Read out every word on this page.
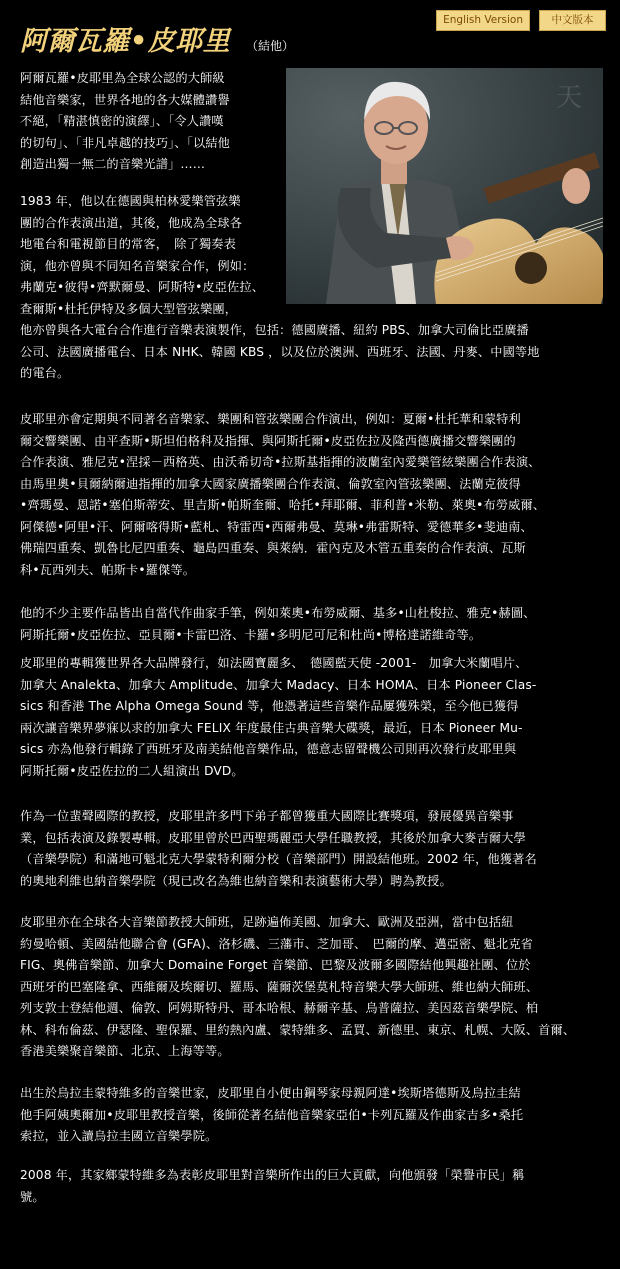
English Version	中文版本
阿爾瓦羅•皮耶里 （結他）
天
阿爾瓦羅•皮耶里為全球公認的大師級
結他音樂家，世界各地的各大媒體讚譽
不絕，「精湛慎密的演繹」、「令人讚嘆
的切句」、「非凡卓越的技巧」、「以結他
創造出獨一無二的音樂光譜」……
1983 年，他以在德國與柏林愛樂管弦樂
團的合作表演出道，其後，他成為全球各
地電台和電視節目的常客，　除了獨奏表
演，他亦曾與不同知名音樂家合作，例如：
弗蘭克•彼得•齊默爾曼、阿斯特•皮亞佐拉、
查爾斯•杜托伊特及多個大型管弦樂團，
他亦曾與各大電台合作進行音樂表演製作，包括：德國廣播、紐約 PBS、加拿大司倫比亞廣播
公司、法國廣播電台、日本 NHK、韓國 KBS ，以及位於澳洲、西班牙、法國、丹麥、中國等地
的電台。
皮耶里亦會定期與不同著名音樂家、樂團和管弦樂團合作演出，例如：夏爾•杜托華和蒙特利
爾交響樂團、由平查斯•斯坦伯格科及指揮、與阿斯托爾•皮亞佐拉及隆西德廣播交響樂團的
合作表演、雅尼克•涅採－西格英、由沃希切奇•拉斯基指揮的波蘭室內愛樂管絃樂團合作表演、
由馬里奧•貝爾納爾迪指揮的加拿大國家廣播樂團合作表演、倫敦室內管弦樂團、法蘭克彼得
•齊瑪曼、恩諾•塞伯斯蒂安、里吉斯•帕斯奎爾、哈托•拜耶爾、菲利普•米勒、萊奧•布勞威爾、
阿傑德•阿里•汗、阿爾喀得斯•藍札、特雷西•西爾弗曼、莫琳•弗雷斯特、愛德華多•斐迪南、
佛瑞四重奏、凱魯比尼四重奏、龜島四重奏、與萊納．霍內克及木管五重奏的合作表演、瓦斯
科•瓦西列夫、帕斯卡•羅傑等。
他的不少主要作品皆出自當代作曲家手筆，例如萊奧•布勞威爾、基多•山杜梭拉、雅克•赫圖、
阿斯托爾•皮亞佐拉、亞貝爾•卡雷巴洛、卡羅•多明尼可尼和杜尚•博格達諾維奇等。
皮耶里的專輯獲世界各大品牌發行，如法國寶麗多、　德國藍天使 -2001-　加拿大米蘭唱片、
加拿大 Analekta、加拿大 Amplitude、加拿大 Madacy、日本 HOMA、日本 Pioneer Clas-
sics 和香港 The Alpha Omega Sound 等，他憑著這些音樂作品屢獲殊榮，至今他已獲得
兩次讓音樂界夢寐以求的加拿大 FELIX 年度最佳古典音樂大碟獎，最近，日本 Pioneer Mu-
sics 亦為他發行輯錄了西班牙及南美結他音樂作品，德意志留聲機公司則再次發行皮耶里與
阿斯托爾•皮亞佐拉的二人組演出 DVD。
作為一位蜚聲國際的教授，皮耶里許多門下弟子都曾獲重大國際比賽獎項，發展優異音樂事
業，包括表演及錄製專輯。皮耶里曾於巴西聖瑪麗亞大學任職教授，其後於加拿大麥吉爾大學
（音樂學院）和滿地可魁北克大學蒙特利爾分校（音樂部門）開設結他班。2002 年，他獲著名
的奧地利維也納音樂學院（現已改名為維也納音樂和表演藝術大學）聘為教授。
皮耶里亦在全球各大音樂節教授大師班，足跡遍佈美國、加拿大、歐洲及亞洲，當中包括紐
約曼哈頓、美國結他聯合會 (GFA)、洛杉磯、三藩市、芝加哥、　巴爾的摩、邁亞密、魁北克省
FIG、奧佛音樂節、加拿大 Domaine Forget 音樂節、巴黎及波爾多國際結他興趣社團、位於
西班牙的巴塞隆拿、西維爾及埃爾切、羅馬、薩爾茨堡莫札特音樂大學大師班、維也納大師班、
列支敦士登結他週、倫敦、阿姆斯特丹、哥本哈根、赫爾辛基、烏普薩拉、美因茲音樂學院、柏
林、科布倫茲、伊瑟隆、聖保羅、里約熱內盧、蒙特維多、孟買、新德里、東京、札幌、大阪、首爾、
香港美樂聚音樂節、北京、上海等等。
出生於烏拉圭蒙特維多的音樂世家，皮耶里自小便由鋼琴家母親阿達•埃斯塔德斯及烏拉圭結
他手阿姨奧爾加•皮耶里教授音樂，後師從著名結他音樂家亞伯•卡列瓦羅及作曲家吉多•桑托
索拉，並入讀烏拉圭國立音樂學院。
2008 年，其家鄉蒙特維多為表彰皮耶里對音樂所作出的巨大貢獻，向他頒發「榮譽市民」稱
號。
